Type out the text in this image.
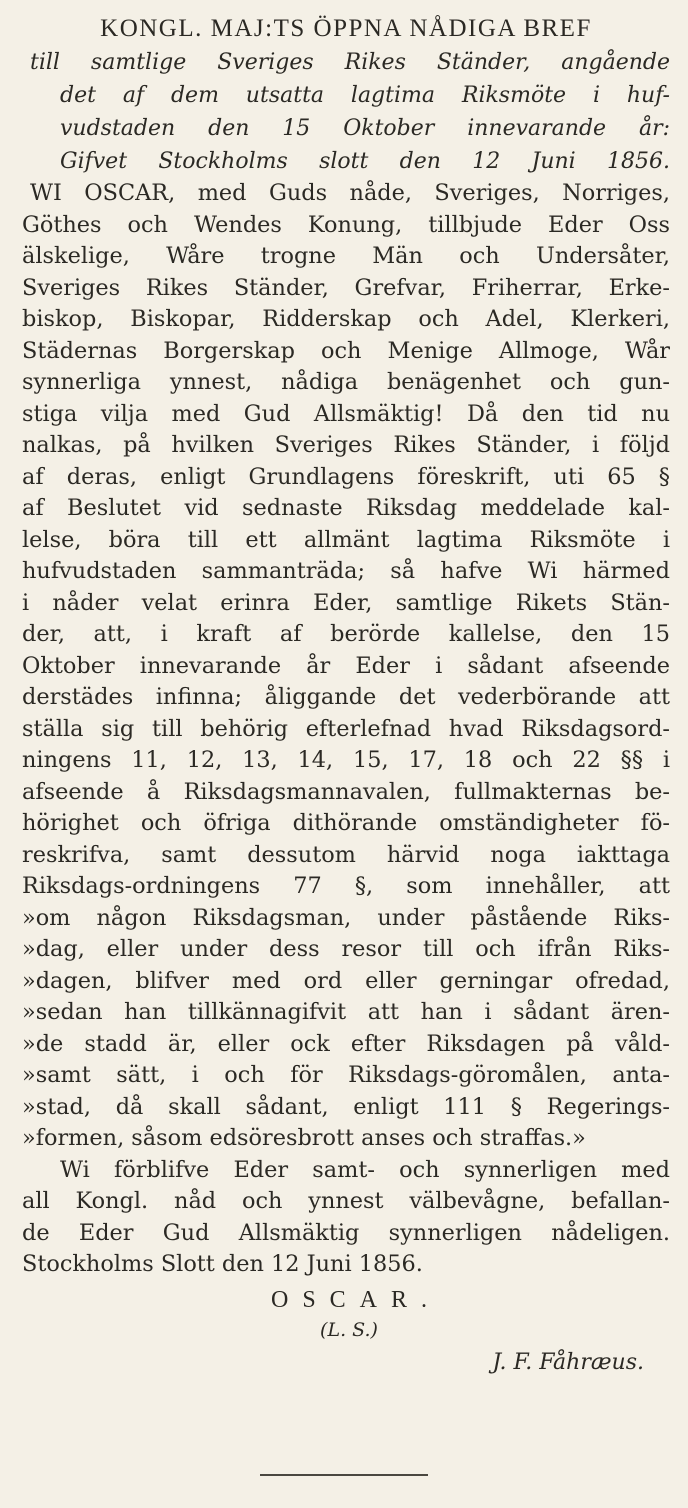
KONGL. MAJ:TS ÖPPNA NÅDIGA BREF

till samtlige Sveriges Rikes Ständer, angående
det af dem utsatta lagtima Riksmöte i huf-
vudstaden den 15 Oktober innevarande år:
Gifvet Stockholms slott den 12 Juni 1856.

WI OSCAR, med Guds nåde, Sveriges, Norriges,
Göthes och Wendes Konung, tillbjude Eder Oss
älskelige, Wåre trogne Män och Undersåter,
Sveriges Rikes Ständer, Grefvar, Friherrar, Erke-
biskop, Biskopar, Ridderskap och Adel, Klerkeri,
Städernas Borgerskap och Menige Allmoge, Wår
synnerliga ynnest, nådiga benägenhet och gun-
stiga vilja med Gud Allsmäktig! Då den tid nu
nalkas, på hvilken Sveriges Rikes Ständer, i följd
af deras, enligt Grundlagens föreskrift, uti 65 §
af Beslutet vid sednaste Riksdag meddelade kal-
lelse, böra till ett allmänt lagtima Riksmöte i
hufvudstaden sammanträda; så hafve Wi härmed
i nåder velat erinra Eder, samtlige Rikets Stän-
der, att, i kraft af berörde kallelse, den 15
Oktober innevarande år Eder i sådant afseende
derstädes infinna; åliggande det vederbörande att
ställa sig till behörig efterlefnad hvad Riksdagsord-
ningens 11, 12, 13, 14, 15, 17, 18 och 22 §§ i
afseende å Riksdagsmannavalen, fullmakternas be-
hörighet och öfriga dithörande omständigheter fö-
reskrifva, samt dessutom härvid noga iakttaga
Riksdags-ordningens 77 §, som innehåller, att
»om någon Riksdagsman, under påstående Riks-
»dag, eller under dess resor till och ifrån Riks-
»dagen, blifver med ord eller gerningar ofredad,
»sedan han tillkännagifvit att han i sådant ären-
»de stadd är, eller ock efter Riksdagen på våld-
»samt sätt, i och för Riksdags-göromålen, anta-
»stad, då skall sådant, enligt 111 § Regerings-
»formen, såsom edsöresbrott anses och straffas.»
Wi förblifve Eder samt- och synnerligen med
all Kongl. nåd och ynnest välbevågne, befallan-
de Eder Gud Allsmäktig synnerligen nådeligen.
Stockholms Slott den 12 Juni 1856.

OSCAR.

(L. S.)

J. F. Fåhræus.
